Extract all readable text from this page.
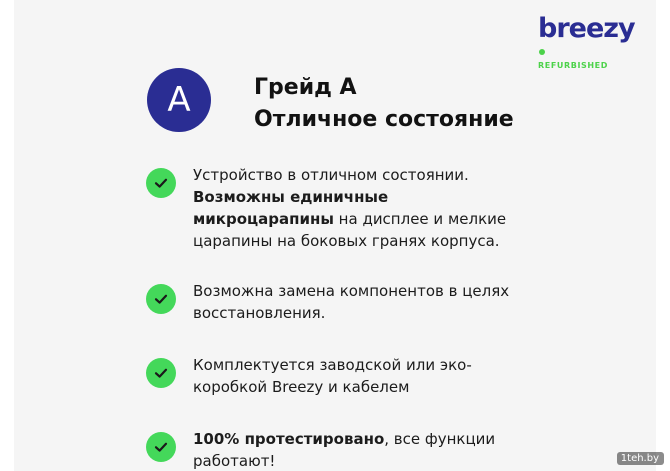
breezy
REFURBISHED
A	Грейд A
Отличное состояние
Устройство в отличном состоянии.
Возможны единичные
микроцарапины на дисплее и мелкие
царапины на боковых гранях корпуса.
Возможна замена компонентов в целях
восстановления.
Комплектуется заводской или эко-
коробкой Breezy и кабелем
100% протестировано, все функции
работают!	1teh.by
